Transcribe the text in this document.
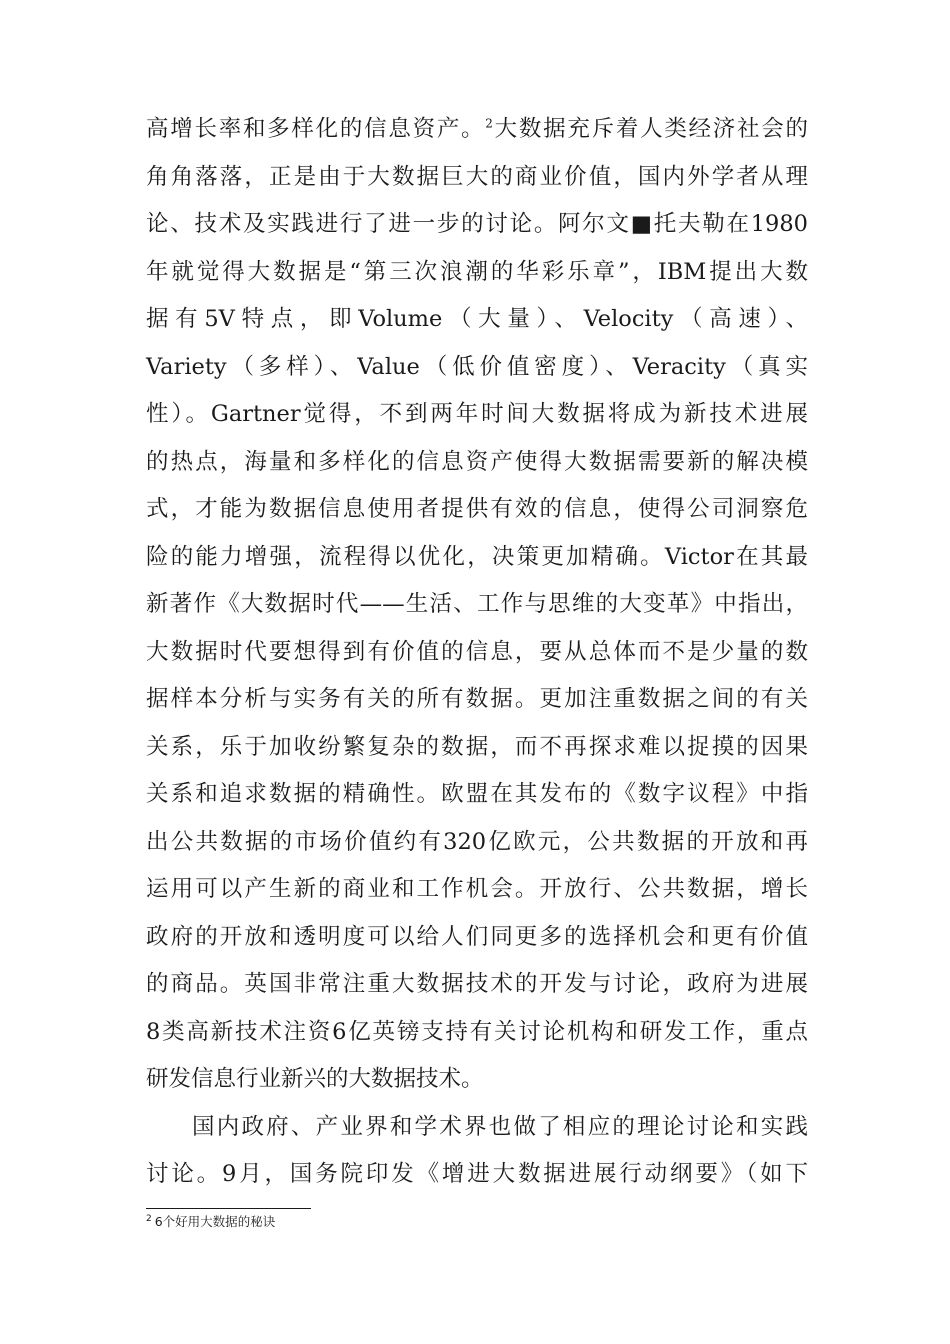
高增长率和多样化的信息资产。$^2$大数据充斥着人类经济社会的
角角落落，正是由于大数据巨大的商业价值，国内外学者从理
论、技术及实践进行了进一步的讨论。阿尔文■托夫勒在1980
年就觉得大数据是“第三次浪潮的华彩乐章”，IBM提出大数
据有5V特点，即Volume（大量）、Velocity（高速）、
Variety（多样）、Value（低价值密度）、Veracity（真实
性）。Gartner觉得，不到两年时间大数据将成为新技术进展
的热点，海量和多样化的信息资产使得大数据需要新的解决模
式，才能为数据信息使用者提供有效的信息，使得公司洞察危
险的能力增强，流程得以优化，决策更加精确。Victor在其最
新著作《大数据时代——生活、工作与思维的大变革》中指出，
大数据时代要想得到有价值的信息，要从总体而不是少量的数
据样本分析与实务有关的所有数据。更加注重数据之间的有关
关系，乐于加收纷繁复杂的数据，而不再探求难以捉摸的因果
关系和追求数据的精确性。欧盟在其发布的《数字议程》中指
出公共数据的市场价值约有320亿欧元，公共数据的开放和再
运用可以产生新的商业和工作机会。开放行、公共数据，增长
政府的开放和透明度可以给人们同更多的选择机会和更有价值
的商品。英国非常注重大数据技术的开发与讨论，政府为进展
8类高新技术注资6亿英镑支持有关讨论机构和研发工作，重点
研发信息行业新兴的大数据技术。
国内政府、产业界和学术界也做了相应的理论讨论和实践
讨论。9月，国务院印发《增进大数据进展行动纲要》（如下
$^2$ 6个好用大数据的秘诀
